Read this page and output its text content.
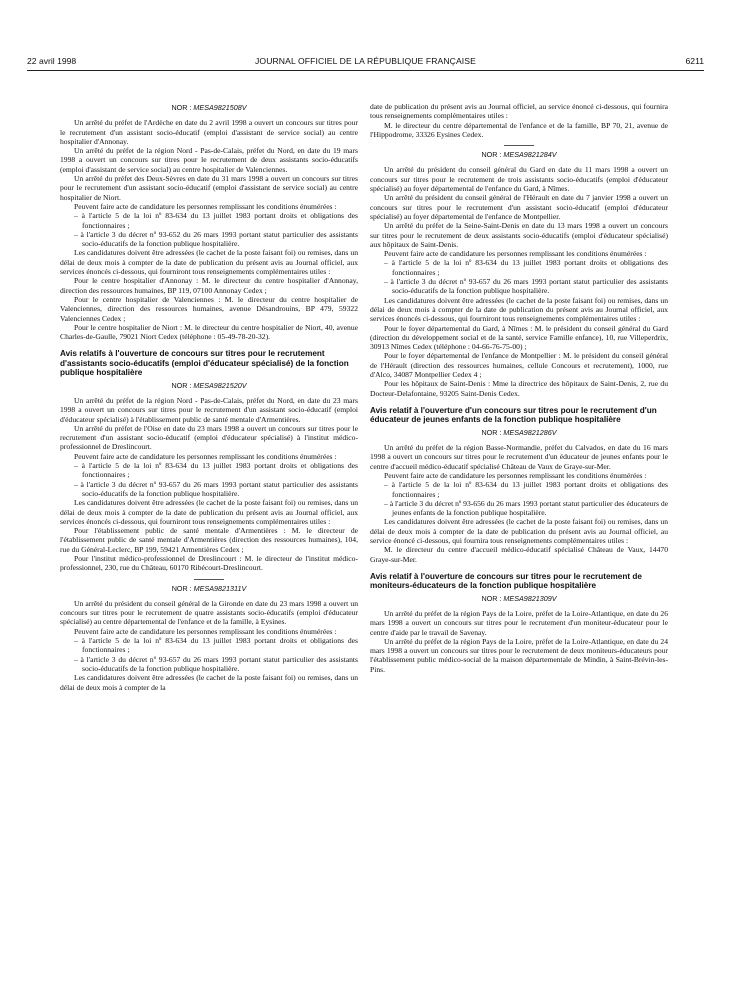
22 avril 1998	JOURNAL OFFICIEL DE LA RÉPUBLIQUE FRANÇAISE	6211
NOR : MESA9821508V

Un arrêté du préfet de l'Ardèche en date du 2 avril 1998 a ouvert un concours sur titres pour le recrutement d'un assistant socio-éducatif (emploi d'assistant de service social) au centre hospitalier d'Annonay.

Un arrêté du préfet de la région Nord - Pas-de-Calais, préfet du Nord, en date du 19 mars 1998 a ouvert un concours sur titres pour le recrutement de deux assistants socio-éducatifs (emploi d'assistant de service social) au centre hospitalier de Valenciennes.

Un arrêté du préfet des Deux-Sèvres en date du 31 mars 1998 a ouvert un concours sur titres pour le recrutement d'un assistant socio-éducatif (emploi d'assistant de service social) au centre hospitalier de Niort.

Peuvent faire acte de candidature les personnes remplissant les conditions énumérées :

– à l'article 5 de la loi nº 83-634 du 13 juillet 1983 portant droits et obligations des fonctionnaires ;
– à l'article 3 du décret nº 93-652 du 26 mars 1993 portant statut particulier des assistants socio-éducatifs de la fonction publique hospitalière.

Les candidatures doivent être adressées (le cachet de la poste faisant foi) ou remises, dans un délai de deux mois à compter de la date de publication du présent avis au Journal officiel, aux services énoncés ci-dessous, qui fourniront tous renseignements complémentaires utiles :

Pour le centre hospitalier d'Annonay : M. le directeur du centre hospitalier d'Annonay, direction des ressources humaines, BP 119, 07100 Annonay Cedex ;

Pour le centre hospitalier de Valenciennes : M. le directeur du centre hospitalier de Valenciennes, direction des ressources humaines, avenue Désandrouins, BP 479, 59322 Valenciennes Cedex ;

Pour le centre hospitalier de Niort : M. le directeur du centre hospitalier de Niort, 40, avenue Charles-de-Gaulle, 79021 Niort Cedex (téléphone : 05-49-78-20-32).

Avis relatifs à l'ouverture de concours sur titres pour le recrutement d'assistants socio-éducatifs (emploi d'éducateur spécialisé) de la fonction publique hospitalière
NOR : MESA9821520V

Un arrêté du préfet de la région Nord - Pas-de-Calais, préfet du Nord, en date du 23 mars 1998 a ouvert un concours sur titres pour le recrutement d'un assistant socio-éducatif (emploi d'éducateur spécialisé) à l'établissement public de santé mentale d'Armentières.

Un arrêté du préfet de l'Oise en date du 23 mars 1998 a ouvert un concours sur titres pour le recrutement d'un assistant socio-éducatif (emploi d'éducateur spécialisé) à l'institut médico-professionnel de Dreslincourt.

Peuvent faire acte de candidature les personnes remplissant les conditions énumérées :

– à l'article 5 de la loi nº 83-634 du 13 juillet 1983 portant droits et obligations des fonctionnaires ;
– à l'article 3 du décret nº 93-657 du 26 mars 1993 portant statut particulier des assistants socio-éducatifs de la fonction publique hospitalière.

Les candidatures doivent être adressées (le cachet de la poste faisant foi) ou remises, dans un délai de deux mois à compter de la date de publication du présent avis au Journal officiel, aux services énoncés ci-dessous, qui fourniront tous renseignements complémentaires utiles :

Pour l'établissement public de santé mentale d'Armentières : M. le directeur de l'établissement public de santé mentale d'Armentières (direction des ressources humaines), 104, rue du Général-Leclerc, BP 199, 59421 Armentières Cedex ;

Pour l'institut médico-professionnel de Dreslincourt : M. le directeur de l'institut médico-professionnel, 230, rue du Château, 60170 Ribécourt-Dreslincourt.

NOR : MESA9821311V

Un arrêté du président du conseil général de la Gironde en date du 23 mars 1998 a ouvert un concours sur titres pour le recrutement de quatre assistants socio-éducatifs (emploi d'éducateur spécialisé) au centre départemental de l'enfance et de la famille, à Eysines.

Peuvent faire acte de candidature les personnes remplissant les conditions énumérées :

– à l'article 5 de la loi nº 83-634 du 13 juillet 1983 portant droits et obligations des fonctionnaires ;
– à l'article 3 du décret nº 93-657 du 26 mars 1993 portant statut particulier des assistants socio-éducatifs de la fonction publique hospitalière.

Les candidatures doivent être adressées (le cachet de la poste faisant foi) ou remises, dans un délai de deux mois à compter de la

date de publication du présent avis au Journal officiel, au service énoncé ci-dessous, qui fournira tous renseignements complémentaires utiles :

M. le directeur du centre départemental de l'enfance et de la famille, BP 70, 21, avenue de l'Hippodrome, 33326 Eysines Cedex.

NOR : MESA9821284V

Un arrêté du président du conseil général du Gard en date du 11 mars 1998 a ouvert un concours sur titres pour le recrutement de trois assistants socio-éducatifs (emploi d'éducateur spécialisé) au foyer départemental de l'enfance du Gard, à Nîmes.

Un arrêté du président du conseil général de l'Hérault en date du 7 janvier 1998 a ouvert un concours sur titres pour le recrutement d'un assistant socio-éducatif (emploi d'éducateur spécialisé) au foyer départemental de l'enfance de Montpellier.

Un arrêté du préfet de la Seine-Saint-Denis en date du 13 mars 1998 a ouvert un concours sur titres pour le recrutement de deux assistants socio-éducatifs (emploi d'éducateur spécialisé) aux hôpitaux de Saint-Denis.

Peuvent faire acte de candidature les personnes remplissant les conditions énumérées :

– à l'article 5 de la loi nº 83-634 du 13 juillet 1983 portant droits et obligations des fonctionnaires ;
– à l'article 3 du décret nº 93-657 du 26 mars 1993 portant statut particulier des assistants socio-éducatifs de la fonction publique hospitalière.

Les candidatures doivent être adressées (le cachet de la poste faisant foi) ou remises, dans un délai de deux mois à compter de la date de publication du présent avis au Journal officiel, aux services énoncés ci-dessous, qui fourniront tous renseignements complémentaires utiles :

Pour le foyer départemental du Gard, à Nîmes : M. le président du conseil général du Gard (direction du développement social et de la santé, service Famille enfance), 10, rue Villeperdrix, 30913 Nîmes Cedex (téléphone : 04-66-76-75-00) ;

Pour le foyer départemental de l'enfance de Montpellier : M. le président du conseil général de l'Hérault (direction des ressources humaines, cellule Concours et recrutement), 1000, rue d'Alco, 34087 Montpellier Cedex 4 ;

Pour les hôpitaux de Saint-Denis : Mme la directrice des hôpitaux de Saint-Denis, 2, rue du Docteur-Delafontaine, 93205 Saint-Denis Cedex.

Avis relatif à l'ouverture d'un concours sur titres pour le recrutement d'un éducateur de jeunes enfants de la fonction publique hospitalière
NOR : MESA9821286V

Un arrêté du préfet de la région Basse-Normandie, préfet du Calvados, en date du 16 mars 1998 a ouvert un concours sur titres pour le recrutement d'un éducateur de jeunes enfants pour le centre d'accueil médico-éducatif spécialisé Château de Vaux de Graye-sur-Mer.

Peuvent faire acte de candidature les personnes remplissant les conditions énumérées :

– à l'article 5 de la loi nº 83-634 du 13 juillet 1983 portant droits et obligations des fonctionnaires ;
– à l'article 3 du décret nº 93-656 du 26 mars 1993 portant statut particulier des éducateurs de jeunes enfants de la fonction publique hospitalière.

Les candidatures doivent être adressées (le cachet de la poste faisant foi) ou remises, dans un délai de deux mois à compter de la date de publication du présent avis au Journal officiel, au service énoncé ci-dessous, qui fournira tous renseignements complémentaires utiles :

M. le directeur du centre d'accueil médico-éducatif spécialisé Château de Vaux, 14470 Graye-sur-Mer.

Avis relatif à l'ouverture de concours sur titres pour le recrutement de moniteurs-éducateurs de la fonction publique hospitalière
NOR : MESA9821309V

Un arrêté du préfet de la région Pays de la Loire, préfet de la Loire-Atlantique, en date du 26 mars 1998 a ouvert un concours sur titres pour le recrutement d'un moniteur-éducateur pour le centre d'aide par le travail de Savenay.

Un arrêté du préfet de la région Pays de la Loire, préfet de la Loire-Atlantique, en date du 24 mars 1998 a ouvert un concours sur titres pour le recrutement de deux moniteurs-éducateurs pour l'établissement public médico-social de la maison départementale de Mindin, à Saint-Brévin-les-Pins.
